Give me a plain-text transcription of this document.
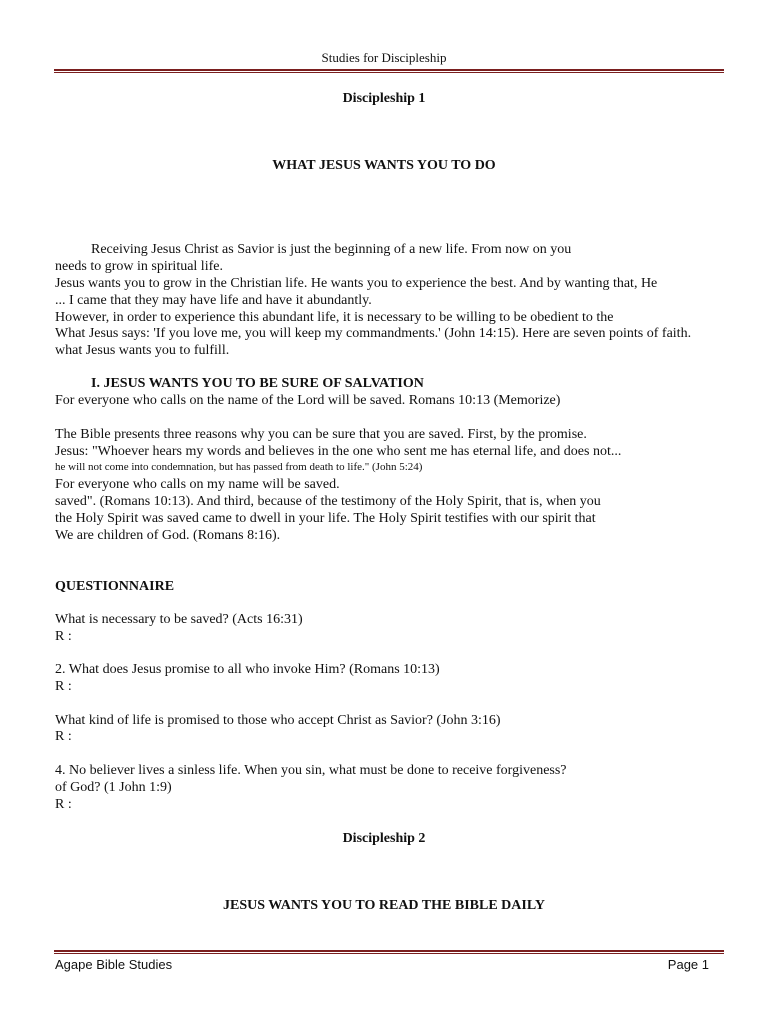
Studies for Discipleship
Discipleship 1
WHAT JESUS WANTS YOU TO DO
Receiving Jesus Christ as Savior is just the beginning of a new life. From now on you
needs to grow in spiritual life.
Jesus wants you to grow in the Christian life. He wants you to experience the best. And by wanting that, He
... I came that they may have life and have it abundantly.
However, in order to experience this abundant life, it is necessary to be willing to be obedient to the
What Jesus says: 'If you love me, you will keep my commandments.' (John 14:15). Here are seven points of faith.
what Jesus wants you to fulfill.
I. JESUS WANTS YOU TO BE SURE OF SALVATION
For everyone who calls on the name of the Lord will be saved. Romans 10:13 (Memorize)
The Bible presents three reasons why you can be sure that you are saved. First, by the promise.
Jesus: "Whoever hears my words and believes in the one who sent me has eternal life, and does not...
he will not come into condemnation, but has passed from death to life." (John 5:24)
For everyone who calls on my name will be saved.
saved". (Romans 10:13). And third, because of the testimony of the Holy Spirit, that is, when you
the Holy Spirit was saved came to dwell in your life. The Holy Spirit testifies with our spirit that
We are children of God. (Romans 8:16).
QUESTIONNAIRE
What is necessary to be saved? (Acts 16:31)
R :
2. What does Jesus promise to all who invoke Him? (Romans 10:13)
R :
What kind of life is promised to those who accept Christ as Savior? (John 3:16)
R :
4. No believer lives a sinless life. When you sin, what must be done to receive forgiveness?
of God? (1 John 1:9)
R :
Discipleship 2
JESUS WANTS YOU TO READ THE BIBLE DAILY
Agape Bible Studies	Page 1
